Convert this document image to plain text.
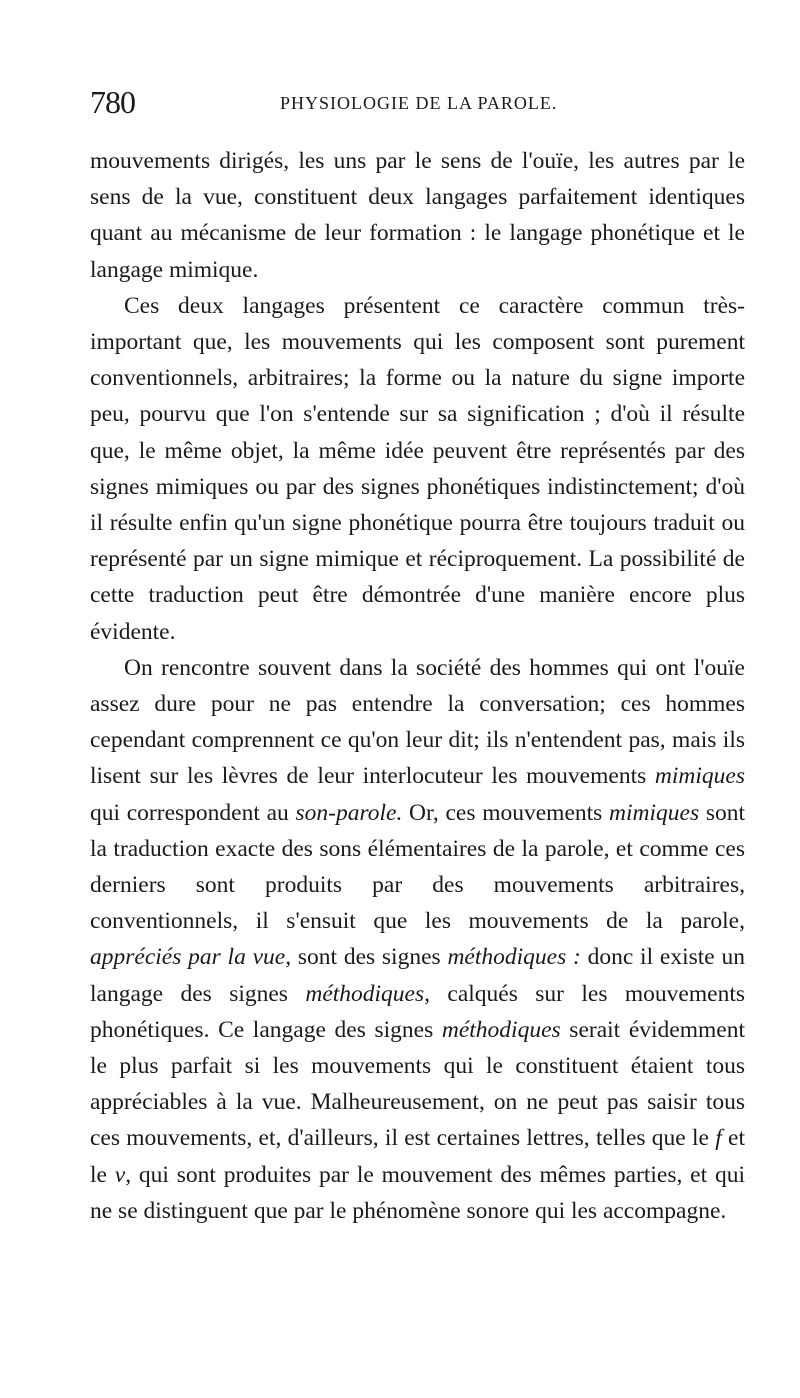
780	PHYSIOLOGIE DE LA PAROLE.

mouvements dirigés, les uns par le sens de l'ouïe, les autres par le sens de la vue, constituent deux langages parfaitement identiques quant au mécanisme de leur formation : le langage phonétique et le langage mimique.

Ces deux langages présentent ce caractère commun très-important que, les mouvements qui les composent sont purement conventionnels, arbitraires; la forme ou la nature du signe importe peu, pourvu que l'on s'entende sur sa signification ; d'où il résulte que, le même objet, la même idée peuvent être représentés par des signes mimiques ou par des signes phonétiques indistinctement; d'où il résulte enfin qu'un signe phonétique pourra être toujours traduit ou représenté par un signe mimique et réciproquement. La possibilité de cette traduction peut être démontrée d'une manière encore plus évidente.

On rencontre souvent dans la société des hommes qui ont l'ouïe assez dure pour ne pas entendre la conversation; ces hommes cependant comprennent ce qu'on leur dit; ils n'entendent pas, mais ils lisent sur les lèvres de leur interlocuteur les mouvements mimiques qui correspondent au son-parole. Or, ces mouvements mimiques sont la traduction exacte des sons élémentaires de la parole, et comme ces derniers sont produits par des mouvements arbitraires, conventionnels, il s'ensuit que les mouvements de la parole, appréciés par la vue, sont des signes méthodiques : donc il existe un langage des signes méthodiques, calqués sur les mouvements phonétiques. Ce langage des signes méthodiques serait évidemment le plus parfait si les mouvements qui le constituent étaient tous appréciables à la vue. Malheureusement, on ne peut pas saisir tous ces mouvements, et, d'ailleurs, il est certaines lettres, telles que le f et le v, qui sont produites par le mouvement des mêmes parties, et qui ne se distinguent que par le phénomène sonore qui les accompagne.
